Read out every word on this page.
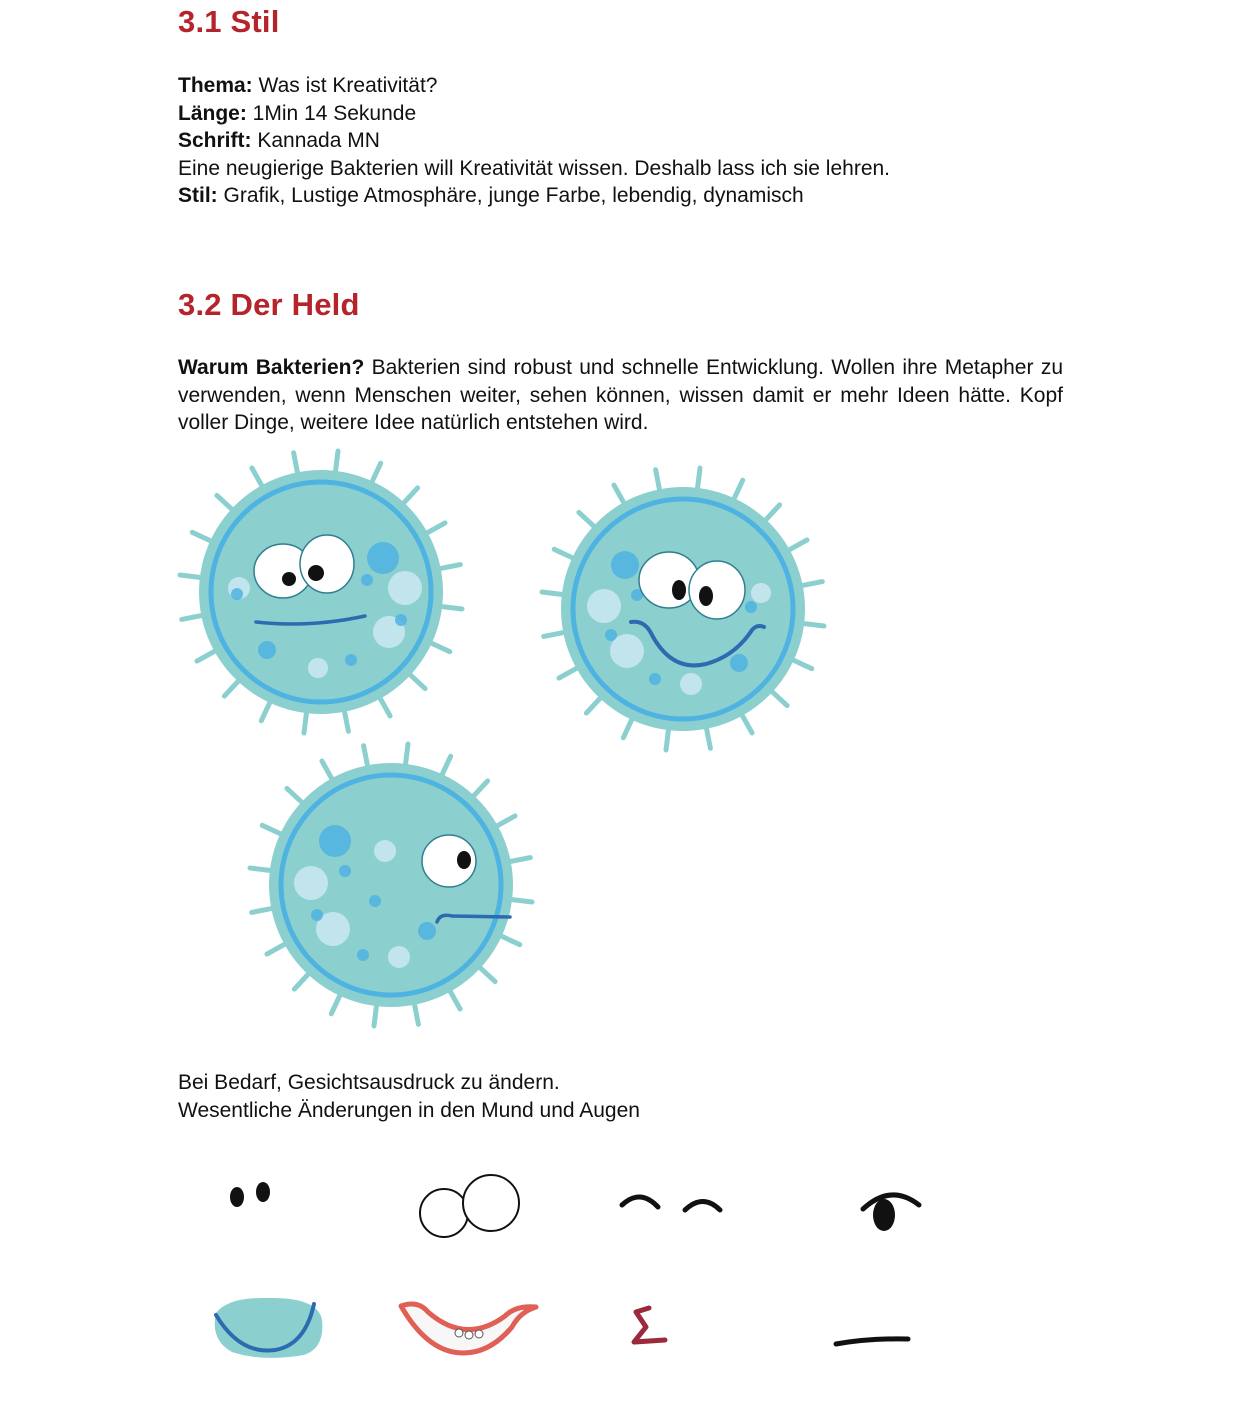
3.1 Stil
Thema: Was ist Kreativität?
Länge: 1Min 14 Sekunde
Schrift: Kannada MN
Eine neugierige Bakterien will Kreativität wissen. Deshalb lass ich sie lehren.
Stil: Grafik, Lustige Atmosphäre, junge Farbe, lebendig, dynamisch
3.2 Der Held

Warum Bakterien? Bakterien sind robust und schnelle Entwicklung. Wollen ihre Metapher zu verwenden, wenn Menschen weiter, sehen können, wissen damit er mehr Ideen hätte. Kopf voller Dinge, weitere Idee natürlich entstehen wird.

Bei Bedarf, Gesichtsausdruck zu ändern.
Wesentliche Änderungen in den Mund und Augen
